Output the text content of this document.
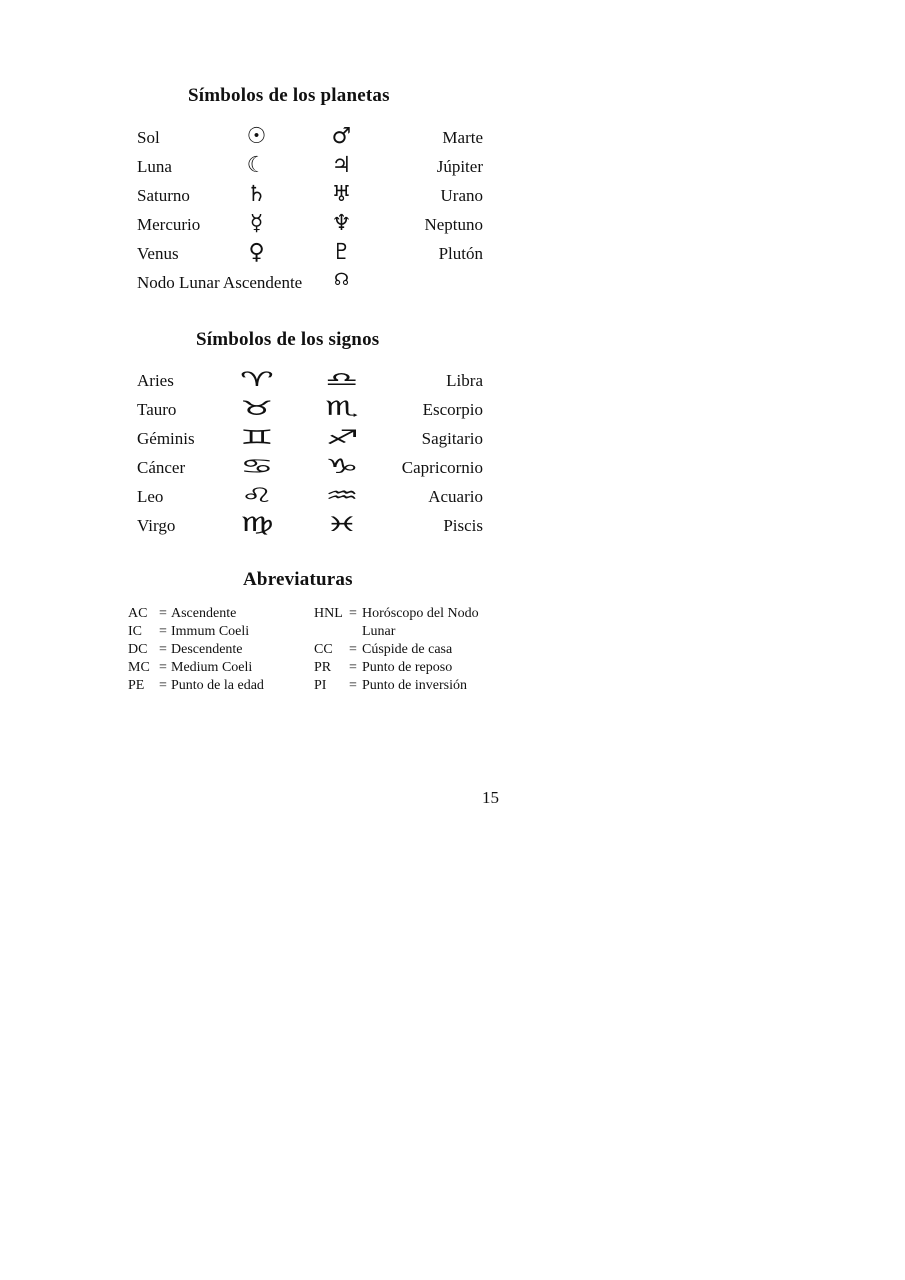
Símbolos de los planetas
Sol	☉	♂	Marte
Luna	☾	♃	Júpiter
Saturno	♄	♅	Urano
Mercurio	☿	♆	Neptuno
Venus	♀	♇	Plutón
Nodo Lunar Ascendente ☊
Símbolos de los signos
Aries	♈	♎	Libra
Tauro	♉	♏	Escorpio
Géminis	♊	♐	Sagitario
Cáncer	♋	♑	Capricornio
Leo	♌	♒	Acuario
Virgo	♍	♓	Piscis
Abreviaturas
AC = Ascendente
IC = Immum Coeli
DC = Descendente
MC = Medium Coeli
PE = Punto de la edad
HNL = Horóscopo del Nodo
Lunar
CC = Cúspide de casa
PR = Punto de reposo
PI = Punto de inversión
15
